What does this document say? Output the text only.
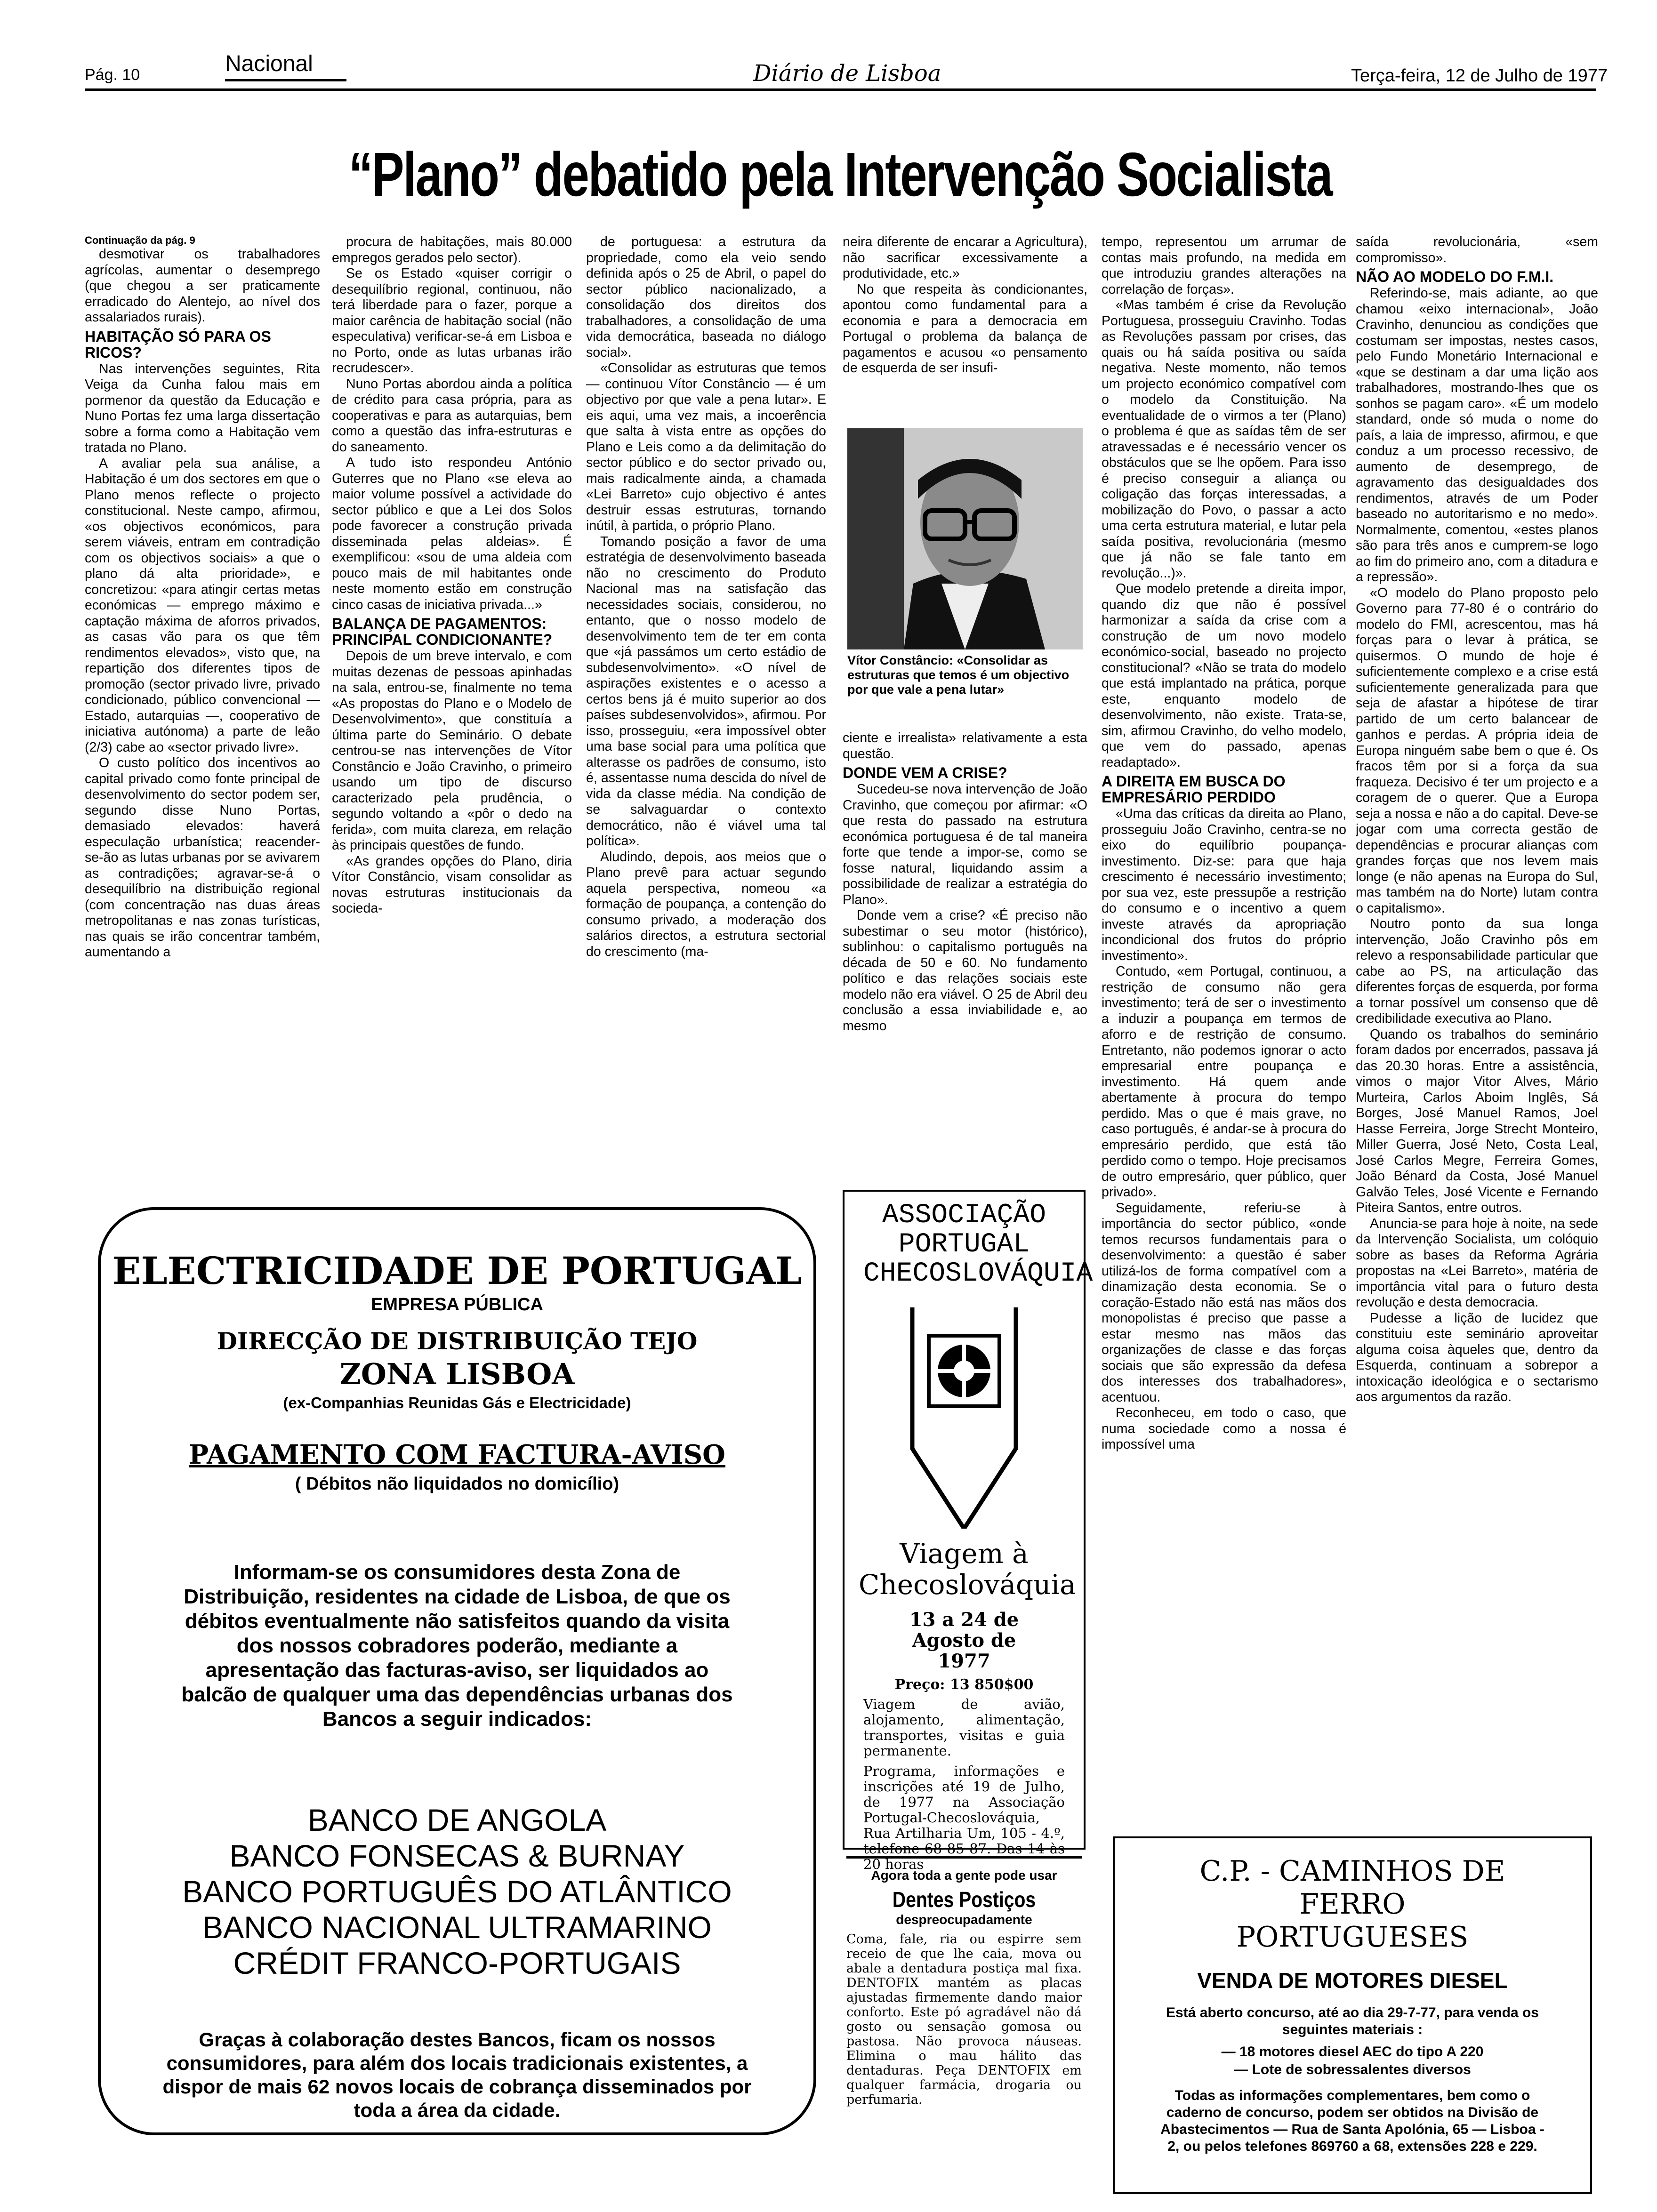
Pág. 10	Nacional	Diário de Lisboa	Terça-feira, 12 de Julho de 1977
“Plano” debatido pela Intervenção Socialista

Continuação da pág. 9

desmotivar os trabalhadores agrícolas, aumentar o desemprego (que chegou a ser praticamente erradicado do Alentejo, ao nível dos assalariados rurais).

HABITAÇÃO SÓ PARA OS RICOS?

Nas intervenções seguintes, Rita Veiga da Cunha falou mais em pormenor da questão da Educação e Nuno Portas fez uma larga dissertação sobre a forma como a Habitação vem tratada no Plano.

A avaliar pela sua análise, a Habitação é um dos sectores em que o Plano menos reflecte o projecto constitucional. Neste campo, afirmou, «os objectivos económicos, para serem viáveis, entram em contradição com os objectivos sociais» a que o plano dá alta prioridade», e concretizou: «para atingir certas metas económicas — emprego máximo e captação máxima de aforros privados, as casas vão para os que têm rendimentos elevados», visto que, na repartição dos diferentes tipos de promoção (sector privado livre, privado condicionado, público convencional — Estado, autarquias —, cooperativo de iniciativa autónoma) a parte de leão (2/3) cabe ao «sector privado livre».

O custo político dos incentivos ao capital privado como fonte principal de desenvolvimento do sector podem ser, segundo disse Nuno Portas, demasiado elevados: haverá especulação urbanística; reacender-se-ão as lutas urbanas por se avivarem as contradições; agravar-se-á o desequilíbrio na distribuição regional (com concentração nas duas áreas metropolitanas e nas zonas turísticas, nas quais se irão concentrar também, aumentando a

procura de habitações, mais 80.000 empregos gerados pelo sector).

Se os Estado «quiser corrigir o desequilíbrio regional, continuou, não terá liberdade para o fazer, porque a maior carência de habitação social (não especulativa) verificar-se-á em Lisboa e no Porto, onde as lutas urbanas irão recrudescer».

Nuno Portas abordou ainda a política de crédito para casa própria, para as cooperativas e para as autarquias, bem como a questão das infra-estruturas e do saneamento.

A tudo isto respondeu António Guterres que no Plano «se eleva ao maior volume possível a actividade do sector público e que a Lei dos Solos pode favorecer a construção privada disseminada pelas aldeias». É exemplificou: «sou de uma aldeia com pouco mais de mil habitantes onde neste momento estão em construção cinco casas de iniciativa privada...»

BALANÇA DE PAGAMENTOS: PRINCIPAL CONDICIONANTE?

Depois de um breve intervalo, e com muitas dezenas de pessoas apinhadas na sala, entrou-se, finalmente no tema «As propostas do Plano e o Modelo de Desenvolvimento», que constituía a última parte do Seminário. O debate centrou-se nas intervenções de Vítor Constâncio e João Cravinho, o primeiro usando um tipo de discurso caracterizado pela prudência, o segundo voltando a «pôr o dedo na ferida», com muita clareza, em relação às principais questões de fundo.

«As grandes opções do Plano, diria Vítor Constâncio, visam consolidar as novas estruturas institucionais da socieda-

de portuguesa: a estrutura da propriedade, como ela veio sendo definida após o 25 de Abril, o papel do sector público nacionalizado, a consolidação dos direitos dos trabalhadores, a consolidação de uma vida democrática, baseada no diálogo social».

«Consolidar as estruturas que temos — continuou Vítor Constâncio — é um objectivo por que vale a pena lutar». E eis aqui, uma vez mais, a incoerência que salta à vista entre as opções do Plano e Leis como a da delimitação do sector público e do sector privado ou, mais radicalmente ainda, a chamada «Lei Barreto» cujo objectivo é antes destruir essas estruturas, tornando inútil, à partida, o próprio Plano.

Tomando posição a favor de uma estratégia de desenvolvimento baseada não no crescimento do Produto Nacional mas na satisfação das necessidades sociais, considerou, no entanto, que o nosso modelo de desenvolvimento tem de ter em conta que «já passámos um certo estádio de subdesenvolvimento». «O nível de aspirações existentes e o acesso a certos bens já é muito superior ao dos países subdesenvolvidos», afirmou. Por isso, prosseguiu, «era impossível obter uma base social para uma política que alterasse os padrões de consumo, isto é, assentasse numa descida do nível de vida da classe média. Na condição de se salvaguardar o contexto democrático, não é viável uma tal política».

Aludindo, depois, aos meios que o Plano prevê para actuar segundo aquela perspectiva, nomeou «a formação de poupança, a contenção do consumo privado, a moderação dos salários directos, a estrutura sectorial do crescimento (ma-

neira diferente de encarar a Agricultura), não sacrificar excessivamente a produtividade, etc.»

No que respeita às condicionantes, apontou como fundamental para a economia e para a democracia em Portugal o problema da balança de pagamentos e acusou «o pensamento de esquerda de ser insufi-

Vítor Constâncio: «Consolidar as estruturas que temos é um objectivo por que vale a pena lutar»

ciente e irrealista» relativamente a esta questão.

DONDE VEM A CRISE?

Sucedeu-se nova intervenção de João Cravinho, que começou por afirmar: «O que resta do passado na estrutura económica portuguesa é de tal maneira forte que tende a impor-se, como se fosse natural, liquidando assim a possibilidade de realizar a estratégia do Plano».

Donde vem a crise? «É preciso não subestimar o seu motor (histórico), sublinhou: o capitalismo português na década de 50 e 60. No fundamento político e das relações sociais este modelo não era viável. O 25 de Abril deu conclusão a essa inviabilidade e, ao mesmo

tempo, representou um arrumar de contas mais profundo, na medida em que introduziu grandes alterações na correlação de forças».

«Mas também é crise da Revolução Portuguesa, prosseguiu Cravinho. Todas as Revoluções passam por crises, das quais ou há saída positiva ou saída negativa. Neste momento, não temos um projecto económico compatível com o modelo da Constituição. Na eventualidade de o virmos a ter (Plano) o problema é que as saídas têm de ser atravessadas e é necessário vencer os obstáculos que se lhe opõem. Para isso é preciso conseguir a aliança ou coligação das forças interessadas, a mobilização do Povo, o passar a acto uma certa estrutura material, e lutar pela saída positiva, revolucionária (mesmo que já não se fale tanto em revolução...)».

Que modelo pretende a direita impor, quando diz que não é possível harmonizar a saída da crise com a construção de um novo modelo económico-social, baseado no projecto constitucional? «Não se trata do modelo que está implantado na prática, porque este, enquanto modelo de desenvolvimento, não existe. Trata-se, sim, afirmou Cravinho, do velho modelo, que vem do passado, apenas readaptado».

A DIREITA EM BUSCA DO EMPRESÁRIO PERDIDO

«Uma das críticas da direita ao Plano, prosseguiu João Cravinho, centra-se no eixo do equilíbrio poupança-investimento. Diz-se: para que haja crescimento é necessário investimento; por sua vez, este pressupõe a restrição do consumo e o incentivo a quem investe através da apropriação incondicional dos frutos do próprio investimento».

Contudo, «em Portugal, continuou, a restrição de consumo não gera investimento; terá de ser o investimento a induzir a poupança em termos de aforro e de restrição de consumo. Entretanto, não podemos ignorar o acto empresarial entre poupança e investimento. Há quem ande abertamente à procura do tempo perdido. Mas o que é mais grave, no caso português, é andar-se à procura do empresário perdido, que está tão perdido como o tempo. Hoje precisamos de outro empresário, quer público, quer privado».

Seguidamente, referiu-se à importância do sector público, «onde temos recursos fundamentais para o desenvolvimento: a questão é saber utilizá-los de forma compatível com a dinamização desta economia. Se o coração-Estado não está nas mãos dos monopolistas é preciso que passe a estar mesmo nas mãos das organizações de classe e das forças sociais que são expressão da defesa dos interesses dos trabalhadores», acentuou.

Reconheceu, em todo o caso, que numa sociedade como a nossa é impossível uma

saída revolucionária, «sem compromisso».

NÃO AO MODELO DO F.M.I.

Referindo-se, mais adiante, ao que chamou «eixo internacional», João Cravinho, denunciou as condições que costumam ser impostas, nestes casos, pelo Fundo Monetário Internacional e «que se destinam a dar uma lição aos trabalhadores, mostrando-lhes que os sonhos se pagam caro». «É um modelo standard, onde só muda o nome do país, a laia de impresso, afirmou, e que conduz a um processo recessivo, de aumento de desemprego, de agravamento das desigualdades dos rendimentos, através de um Poder baseado no autoritarismo e no medo». Normalmente, comentou, «estes planos são para três anos e cumprem-se logo ao fim do primeiro ano, com a ditadura e a repressão».

«O modelo do Plano proposto pelo Governo para 77-80 é o contrário do modelo do FMI, acrescentou, mas há forças para o levar à prática, se quisermos. O mundo de hoje é suficientemente complexo e a crise está suficientemente generalizada para que seja de afastar a hipótese de tirar partido de um certo balancear de ganhos e perdas. A própria ideia de Europa ninguém sabe bem o que é. Os fracos têm por si a força da sua fraqueza. Decisivo é ter um projecto e a coragem de o querer. Que a Europa seja a nossa e não a do capital. Deve-se jogar com uma correcta gestão de dependências e procurar alianças com grandes forças que nos levem mais longe (e não apenas na Europa do Sul, mas também na do Norte) lutam contra o capitalismo».

Noutro ponto da sua longa intervenção, João Cravinho pôs em relevo a responsabilidade particular que cabe ao PS, na articulação das diferentes forças de esquerda, por forma a tornar possível um consenso que dê credibilidade executiva ao Plano.

Quando os trabalhos do seminário foram dados por encerrados, passava já das 20.30 horas. Entre a assistência, vimos o major Vitor Alves, Mário Murteira, Carlos Aboim Inglês, Sá Borges, José Manuel Ramos, Joel Hasse Ferreira, Jorge Strecht Monteiro, Miller Guerra, José Neto, Costa Leal, José Carlos Megre, Ferreira Gomes, João Bénard da Costa, José Manuel Galvão Teles, José Vicente e Fernando Piteira Santos, entre outros.

Anuncia-se para hoje à noite, na sede da Intervenção Socialista, um colóquio sobre as bases da Reforma Agrária propostas na «Lei Barreto», matéria de importância vital para o futuro desta revolução e desta democracia.

Pudesse a lição de lucidez que constituiu este seminário aproveitar alguma coisa àqueles que, dentro da Esquerda, continuam a sobrepor a intoxicação ideológica e o sectarismo aos argumentos da razão.

ELECTRICIDADE DE PORTUGAL
EMPRESA PÚBLICA
DIRECÇÃO DE DISTRIBUIÇÃO TEJO
ZONA LISBOA
(ex-Companhias Reunidas Gás e Electricidade)
PAGAMENTO COM FACTURA-AVISO
( Débitos não liquidados no domicílio)
Informam-se os consumidores desta Zona de Distribuição, residentes na cidade de Lisboa, de que os débitos eventualmente não satisfeitos quando da visita dos nossos cobradores poderão, mediante a apresentação das facturas-aviso, ser liquidados ao balcão de qualquer uma das dependências urbanas dos Bancos a seguir indicados:
BANCO DE ANGOLA
BANCO FONSECAS & BURNAY
BANCO PORTUGUÊS DO ATLÂNTICO
BANCO NACIONAL ULTRAMARINO
CRÉDIT FRANCO-PORTUGAIS
Graças à colaboração destes Bancos, ficam os nossos consumidores, para além dos locais tradicionais existentes, a dispor de mais 62 novos locais de cobrança disseminados por toda a área da cidade.
ASSOCIAÇÃO PORTUGAL CHECOSLOVÁQUIA
Viagem à Checoslováquia
13 a 24 de Agosto de 1977
Preço: 13 850$00
Viagem de avião, alojamento, alimentação, transportes, visitas e guia permanente.
Programa, informações e inscrições até 19 de Julho, de 1977 na Associação Portugal-Checoslováquia, Rua Artilharia Um, 105 - 4.º, telefone 68 85 87. Das 14 às 20 horas
Agora toda a gente pode usar
Dentes Postiços
despreocupadamente
Coma, fale, ria ou espirre sem receio de que lhe caia, mova ou abale a dentadura postiça mal fixa. DENTOFIX mantém as placas ajustadas firmemente dando maior conforto. Este pó agradável não dá gosto ou sensação gomosa ou pastosa. Não provoca náuseas. Elimina o mau hálito das dentaduras. Peça DENTOFIX em qualquer farmácia, drogaria ou perfumaria.
C.P. - CAMINHOS DE FERRO PORTUGUESES
VENDA DE MOTORES DIESEL
Está aberto concurso, até ao dia 29-7-77, para venda os seguintes materiais :
— 18 motores diesel AEC do tipo A 220
— Lote de sobressalentes diversos
Todas as informações complementares, bem como o caderno de concurso, podem ser obtidos na Divisão de Abastecimentos — Rua de Santa Apolónia, 65 — Lisboa - 2, ou pelos telefones 869760 a 68, extensões 228 e 229.
